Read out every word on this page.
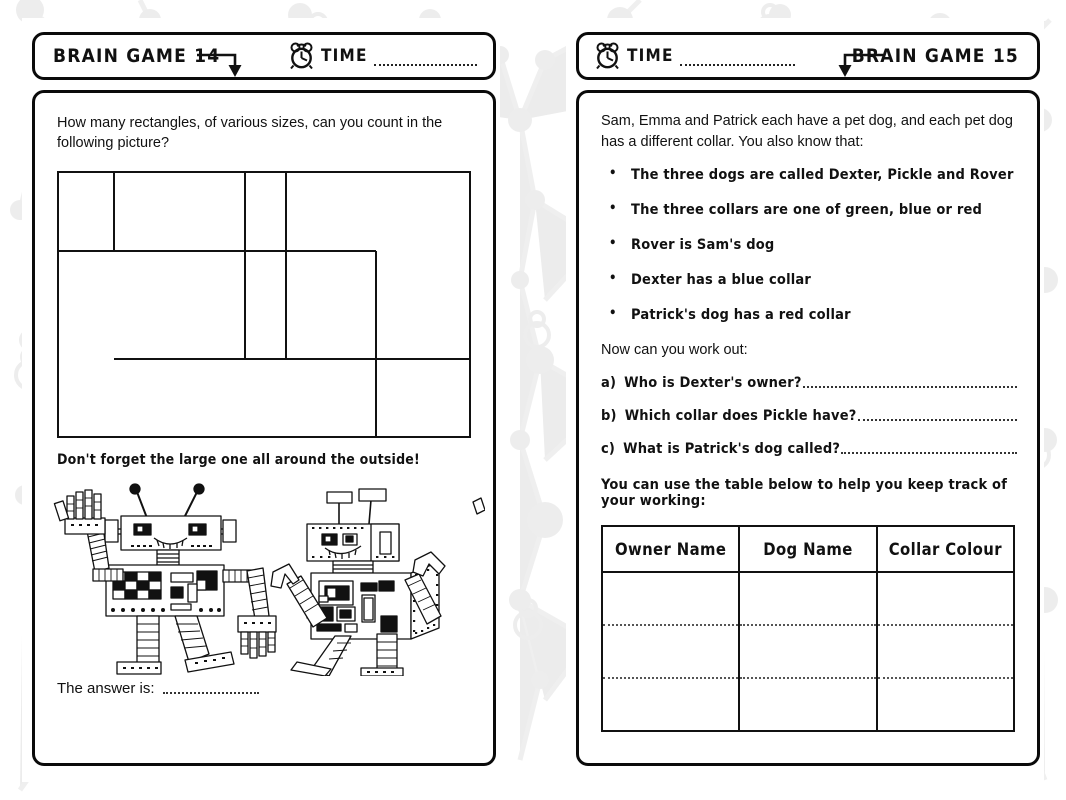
BRAIN GAME 14	TIME
How many rectangles, of various sizes, can you count in the following picture?
Don't forget the large one all around the outside!
The answer is:
TIME	BRAIN GAME 15
Sam, Emma and Patrick each have a pet dog, and each pet dog has a different collar. You also know that:
• The three dogs are called Dexter, Pickle and Rover
• The three collars are one of green, blue or red
• Rover is Sam's dog
• Dexter has a blue collar
• Patrick's dog has a red collar
Now can you work out:
a) Who is Dexter's owner?
b) Which collar does Pickle have?
c) What is Patrick's dog called?
You can use the table below to help you keep track of your working:
Owner Name	Dog Name	Collar Colour
